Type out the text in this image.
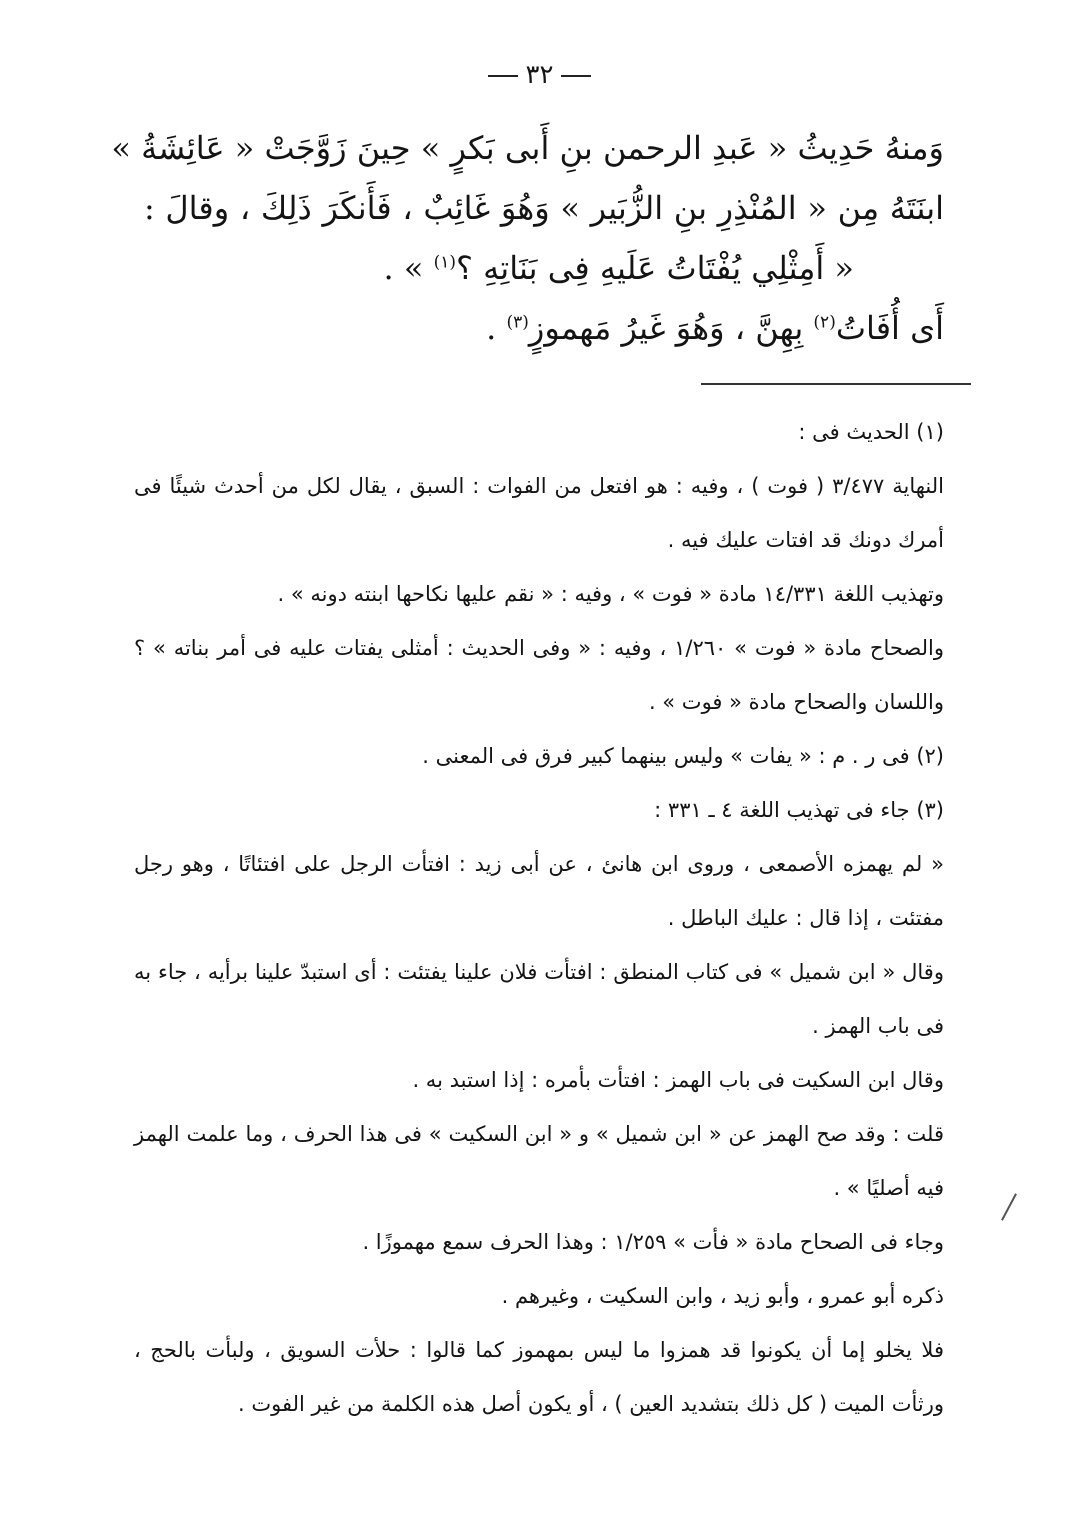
٣٢
وَمنهُ حَدِيثُ « عَبدِ الرحمن بنِ أَبى بَكرٍ » حِينَ زَوَّجَتْ « عَائِشَةُ »
ابنَتَهُ مِن « المُنْذِرِ بنِ الزُّبَير » وَهُوَ غَائِبٌ ، فَأَنكَرَ ذَلِكَ ، وقالَ :
« أَمِثْلِي يُفْتَاتُ عَلَيهِ فِى بَنَاتِهِ ؟$^{(١)}$ » .
أَى أُفَاتُ$^{(٢)}$ بِهِنَّ ، وَهُوَ غَيرُ مَهموزٍ$^{(٣)}$ .

(١) الحديث فى :

النهاية ٣/٤٧٧ ( فوت ) ، وفيه : هو افتعل من الفوات : السبق ، يقال لكل من أحدث شيئًا فى أمرك دونك قد افتات عليك فيه .

وتهذيب اللغة ١٤/٣٣١ مادة « فوت » ، وفيه : « نقم عليها نكاحها ابنته دونه » .

والصحاح مادة « فوت » ١/٢٦٠ ، وفيه : « وفى الحديث : أمثلى يفتات عليه فى أمر بناته » ؟ واللسان والصحاح مادة « فوت » .

(٢) فى ر . م : « يفات » وليس بينهما كبير فرق فى المعنى .

(٣) جاء فى تهذيب اللغة ٤ ـ ٣٣١ :

« لم يهمزه الأصمعى ، وروى ابن هانئ ، عن أبى زيد : افتأت الرجل على افتئاتًا ، وهو رجل مفتئت ، إذا قال : عليك الباطل .

وقال « ابن شميل » فى كتاب المنطق : افتأت فلان علينا يفتئت : أى استبدّ علينا برأيه ، جاء به فى باب الهمز .

وقال ابن السكيت فى باب الهمز : افتأت بأمره : إذا استبد به .

قلت : وقد صح الهمز عن « ابن شميل » و « ابن السكيت » فى هذا الحرف ، وما علمت الهمز فيه أصليًا » .

وجاء فى الصحاح مادة « فأت » ١/٢٥٩ : وهذا الحرف سمع مهموزًا .

ذكره أبو عمرو ، وأبو زيد ، وابن السكيت ، وغيرهم .

فلا يخلو إما أن يكونوا قد همزوا ما ليس بمهموز كما قالوا : حلأت السويق ، ولبأت بالحج ، ورثأت الميت ( كل ذلك بتشديد العين ) ، أو يكون أصل هذه الكلمة من غير الفوت .
